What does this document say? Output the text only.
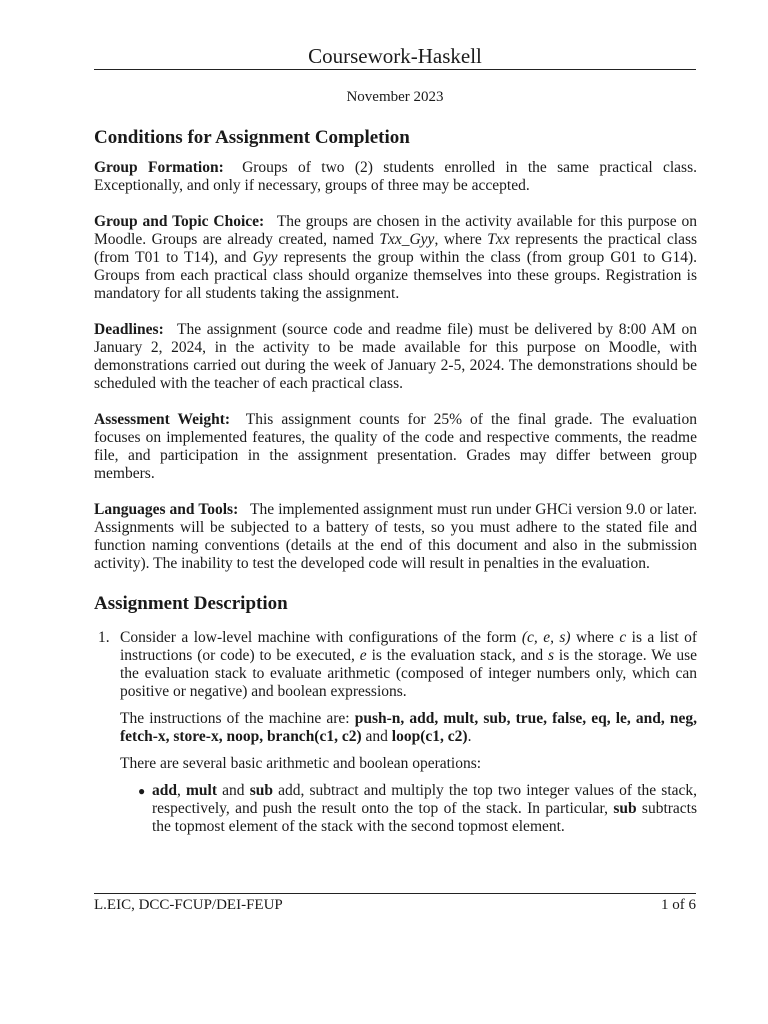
Coursework-Haskell
November 2023
Conditions for Assignment Completion

Group Formation: Groups of two (2) students enrolled in the same practical class. Exceptionally, and only if necessary, groups of three may be accepted.

Group and Topic Choice: The groups are chosen in the activity available for this purpose on Moodle. Groups are already created, named Txx_Gyy, where Txx represents the practical class (from T01 to T14), and Gyy represents the group within the class (from group G01 to G14). Groups from each practical class should organize themselves into these groups. Registration is mandatory for all students taking the assignment.

Deadlines: The assignment (source code and readme file) must be delivered by 8:00 AM on January 2, 2024, in the activity to be made available for this purpose on Moodle, with demonstrations carried out during the week of January 2-5, 2024. The demonstrations should be scheduled with the teacher of each practical class.

Assessment Weight: This assignment counts for 25% of the final grade. The evaluation focuses on implemented features, the quality of the code and respective comments, the readme file, and participation in the assignment presentation. Grades may differ between group members.

Languages and Tools: The implemented assignment must run under GHCi version 9.0 or later. Assignments will be subjected to a battery of tests, so you must adhere to the stated file and function naming conventions (details at the end of this document and also in the submission activity). The inability to test the developed code will result in penalties in the evaluation.

Assignment Description
1. Consider a low-level machine with configurations of the form (c, e, s) where c is a list of instructions (or code) to be executed, e is the evaluation stack, and s is the storage. We use the evaluation stack to evaluate arithmetic (composed of integer numbers only, which can positive or negative) and boolean expressions.

The instructions of the machine are: push-n, add, mult, sub, true, false, eq, le, and, neg, fetch-x, store-x, noop, branch(c1, c2) and loop(c1, c2).

There are several basic arithmetic and boolean operations:

● add, mult and sub add, subtract and multiply the top two integer values of the stack, respectively, and push the result onto the top of the stack. In particular, sub subtracts the topmost element of the stack with the second topmost element.
L.EIC, DCC-FCUP/DEI-FEUP	1 of 6
